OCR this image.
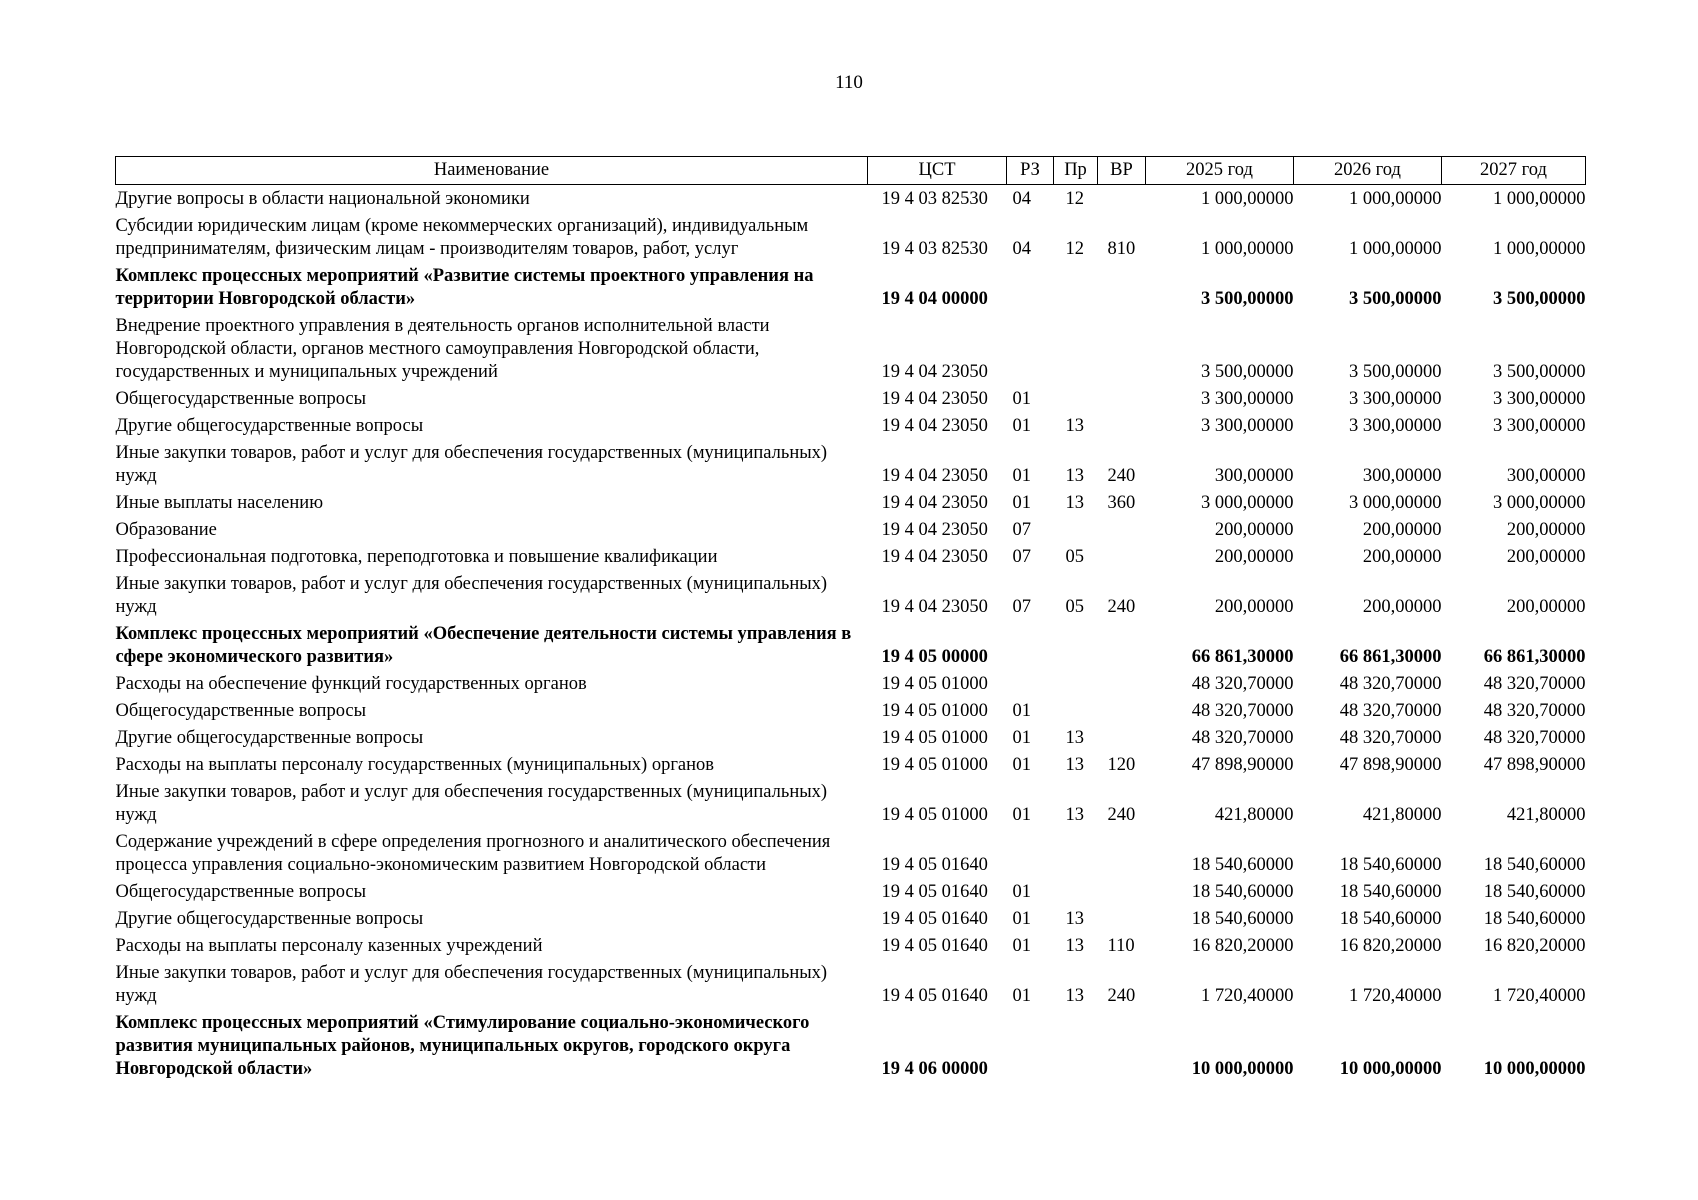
110
Наименование	ЦСТ	РЗ	Пр	ВР	2025 год	2026 год	2027 год
Другие вопросы в области национальной экономики	19 4 03 82530	04	12		1 000,00000	1 000,00000	1 000,00000
Субсидии юридическим лицам (кроме некоммерческих организаций), индивидуальным предпринимателям, физическим лицам - производителям товаров, работ, услуг	19 4 03 82530	04	12	810	1 000,00000	1 000,00000	1 000,00000
Комплекс процессных мероприятий «Развитие системы проектного управления на территории Новгородской области»	19 4 04 00000				3 500,00000	3 500,00000	3 500,00000
Внедрение проектного управления в деятельность органов исполнительной власти Новгородской области, органов местного самоуправления Новгородской области, государственных и муниципальных учреждений	19 4 04 23050				3 500,00000	3 500,00000	3 500,00000
Общегосударственные вопросы	19 4 04 23050	01			3 300,00000	3 300,00000	3 300,00000
Другие общегосударственные вопросы	19 4 04 23050	01	13		3 300,00000	3 300,00000	3 300,00000
Иные закупки товаров, работ и услуг для обеспечения государственных (муниципальных) нужд	19 4 04 23050	01	13	240	300,00000	300,00000	300,00000
Иные выплаты населению	19 4 04 23050	01	13	360	3 000,00000	3 000,00000	3 000,00000
Образование	19 4 04 23050	07			200,00000	200,00000	200,00000
Профессиональная подготовка, переподготовка и повышение квалификации	19 4 04 23050	07	05		200,00000	200,00000	200,00000
Иные закупки товаров, работ и услуг для обеспечения государственных (муниципальных) нужд	19 4 04 23050	07	05	240	200,00000	200,00000	200,00000
Комплекс процессных мероприятий «Обеспечение деятельности системы управления в сфере экономического развития»	19 4 05 00000				66 861,30000	66 861,30000	66 861,30000
Расходы на обеспечение функций государственных органов	19 4 05 01000				48 320,70000	48 320,70000	48 320,70000
Общегосударственные вопросы	19 4 05 01000	01			48 320,70000	48 320,70000	48 320,70000
Другие общегосударственные вопросы	19 4 05 01000	01	13		48 320,70000	48 320,70000	48 320,70000
Расходы на выплаты персоналу государственных (муниципальных) органов	19 4 05 01000	01	13	120	47 898,90000	47 898,90000	47 898,90000
Иные закупки товаров, работ и услуг для обеспечения государственных (муниципальных) нужд	19 4 05 01000	01	13	240	421,80000	421,80000	421,80000
Содержание учреждений в сфере определения прогнозного и аналитического обеспечения процесса управления социально-экономическим развитием Новгородской области	19 4 05 01640				18 540,60000	18 540,60000	18 540,60000
Общегосударственные вопросы	19 4 05 01640	01			18 540,60000	18 540,60000	18 540,60000
Другие общегосударственные вопросы	19 4 05 01640	01	13		18 540,60000	18 540,60000	18 540,60000
Расходы на выплаты персоналу казенных учреждений	19 4 05 01640	01	13	110	16 820,20000	16 820,20000	16 820,20000
Иные закупки товаров, работ и услуг для обеспечения государственных (муниципальных) нужд	19 4 05 01640	01	13	240	1 720,40000	1 720,40000	1 720,40000
Комплекс процессных мероприятий «Стимулирование социально-экономического развития муниципальных районов, муниципальных округов, городского округа Новгородской области»	19 4 06 00000				10 000,00000	10 000,00000	10 000,00000
